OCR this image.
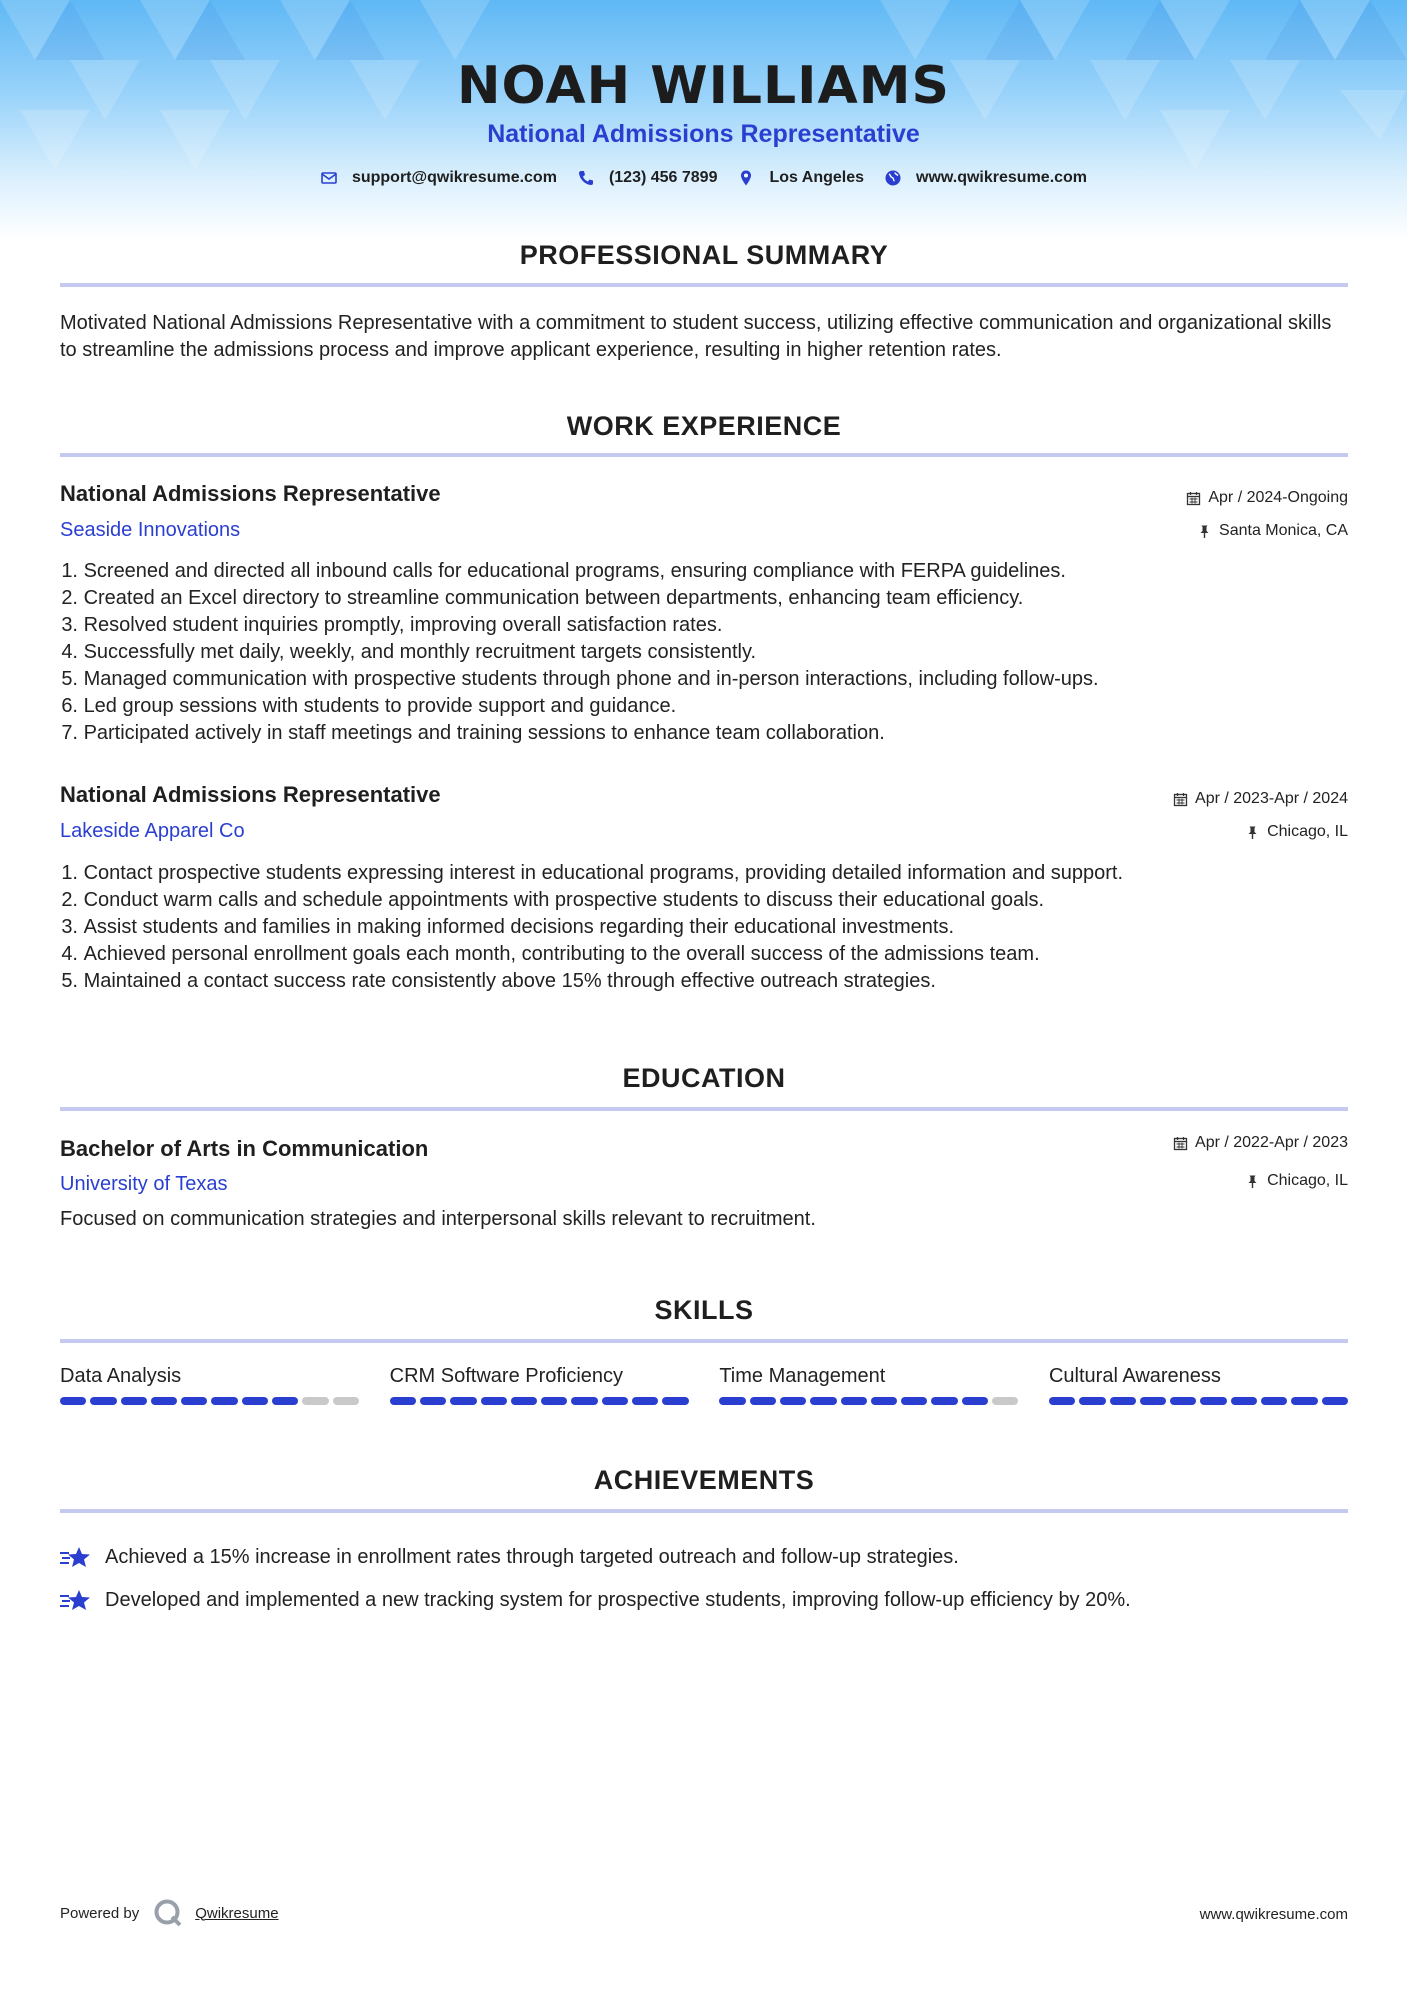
NOAH WILLIAMS
National Admissions Representative
support@qwikresume.com	(123) 456 7899	Los Angeles	www.qwikresume.com
PROFESSIONAL SUMMARY
Motivated National Admissions Representative with a commitment to student success, utilizing effective communication and organizational skills to streamline the admissions process and improve applicant experience, resulting in higher retention rates.
WORK EXPERIENCE
National Admissions Representative
Seaside Innovations
Apr / 2024-Ongoing
Santa Monica, CA
1.
Screened and directed all inbound calls for educational programs, ensuring compliance with FERPA guidelines.
2.
Created an Excel directory to streamline communication between departments, enhancing team efficiency.
3.
Resolved student inquiries promptly, improving overall satisfaction rates.
4.
Successfully met daily, weekly, and monthly recruitment targets consistently.
5.
Managed communication with prospective students through phone and in-person interactions, including follow-ups.
6.
Led group sessions with students to provide support and guidance.
7.
Participated actively in staff meetings and training sessions to enhance team collaboration.
National Admissions Representative
Lakeside Apparel Co
Apr / 2023-Apr / 2024
Chicago, IL
1.
Contact prospective students expressing interest in educational programs, providing detailed information and support.
2.
Conduct warm calls and schedule appointments with prospective students to discuss their educational goals.
3.
Assist students and families in making informed decisions regarding their educational investments.
4.
Achieved personal enrollment goals each month, contributing to the overall success of the admissions team.
5.
Maintained a contact success rate consistently above 15% through effective outreach strategies.
EDUCATION
Bachelor of Arts in Communication
University of Texas
Apr / 2022-Apr / 2023
Chicago, IL
Focused on communication strategies and interpersonal skills relevant to recruitment.
SKILLS
Data Analysis	CRM Software Proficiency	Time Management	Cultural Awareness
ACHIEVEMENTS
Achieved a 15% increase in enrollment rates through targeted outreach and follow-up strategies.
Developed and implemented a new tracking system for prospective students, improving follow-up efficiency by 20%.
Powered by	Qwikresume	www.qwikresume.com
